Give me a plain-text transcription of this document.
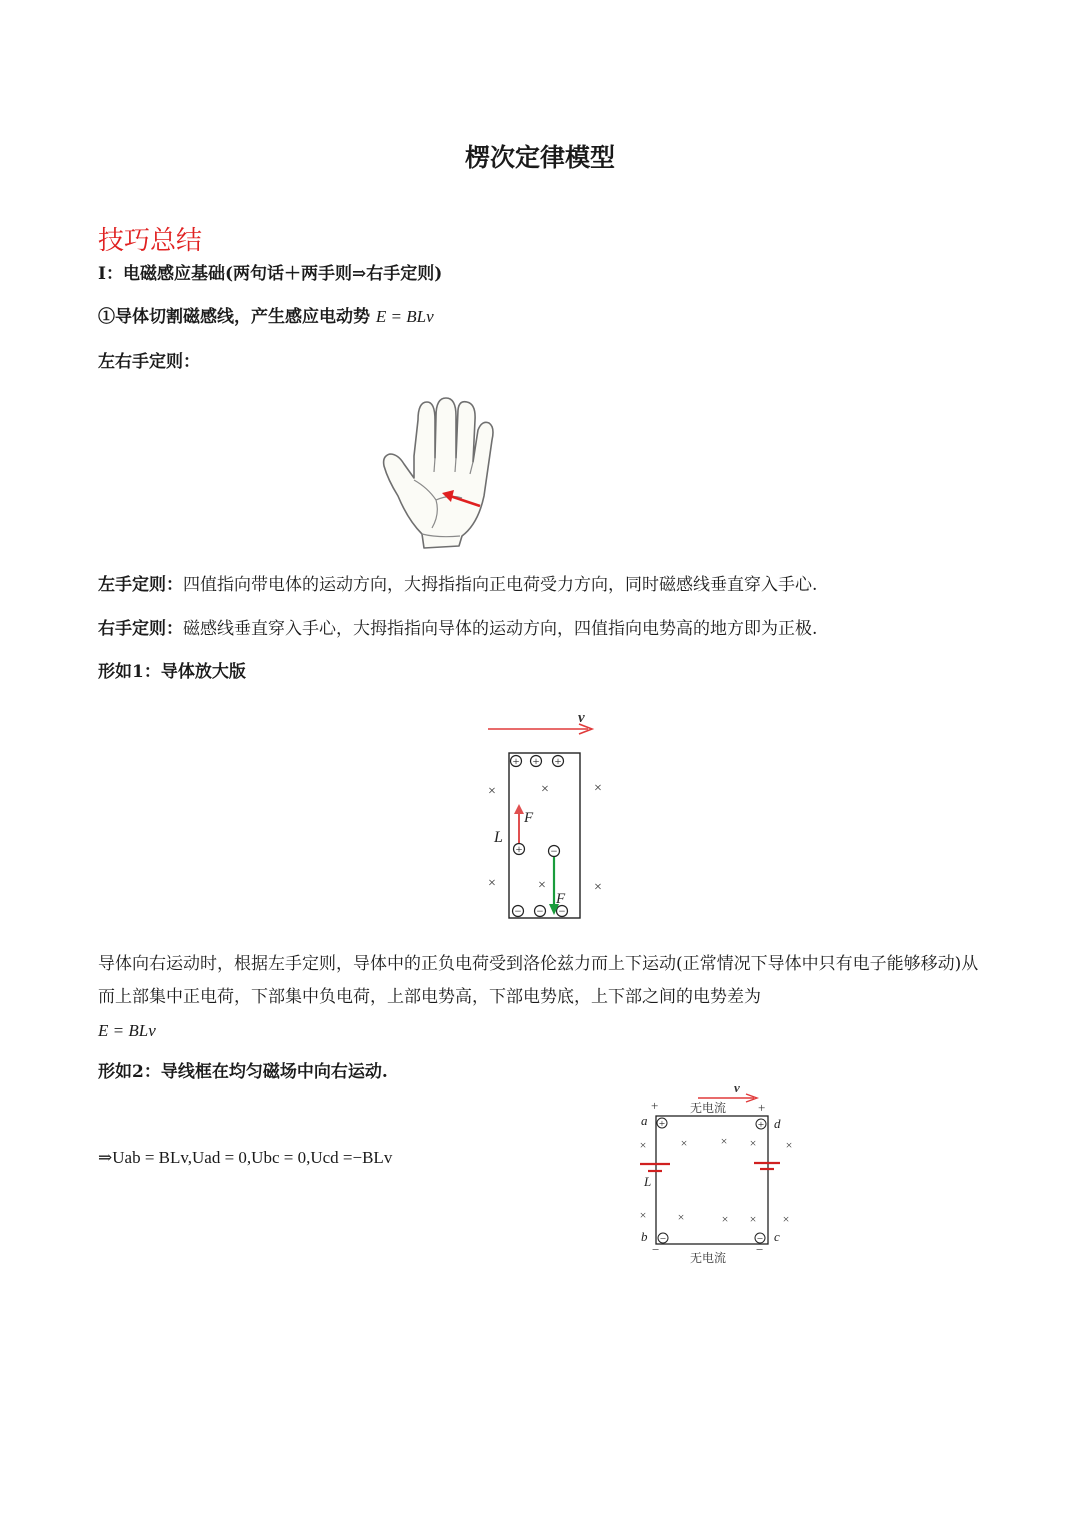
楞次定律模型
技巧总结
Ⅰ：电磁感应基础(两句话＋两手则⇒右手定则)
①导体切割磁感线，产生感应电动势 E = BLv
左右手定则：
左手定则：四值指向带电体的运动方向，大拇指指向正电荷受力方向，同时磁感线垂直穿入手心.
右手定则：磁感线垂直穿入手心，大拇指指向导体的运动方向，四值指向电势高的地方即为正极.
形如1：导体放大版
v
+ + +
+
− − −
−
×	×
×
×	×
×
F
L
F
导体向右运动时，根据左手定则，导体中的正负电荷受到洛伦兹力而上下运动(正常情况下导体中只有电子能够移动)从而上部集中正电荷，下部集中负电荷，上部电势高，下部电势底，上下部之间的电势差为
E = BLv
形如2：导线框在均匀磁场中向右运动.
⇒Uab = BLv,Uad = 0,Ubc = 0,Ucd =−BLv
v
无电流
无电流
+	+
−	−
+	+
−	−
a	d
b	c
L
×	×	× × ×
×	×	× × ×
